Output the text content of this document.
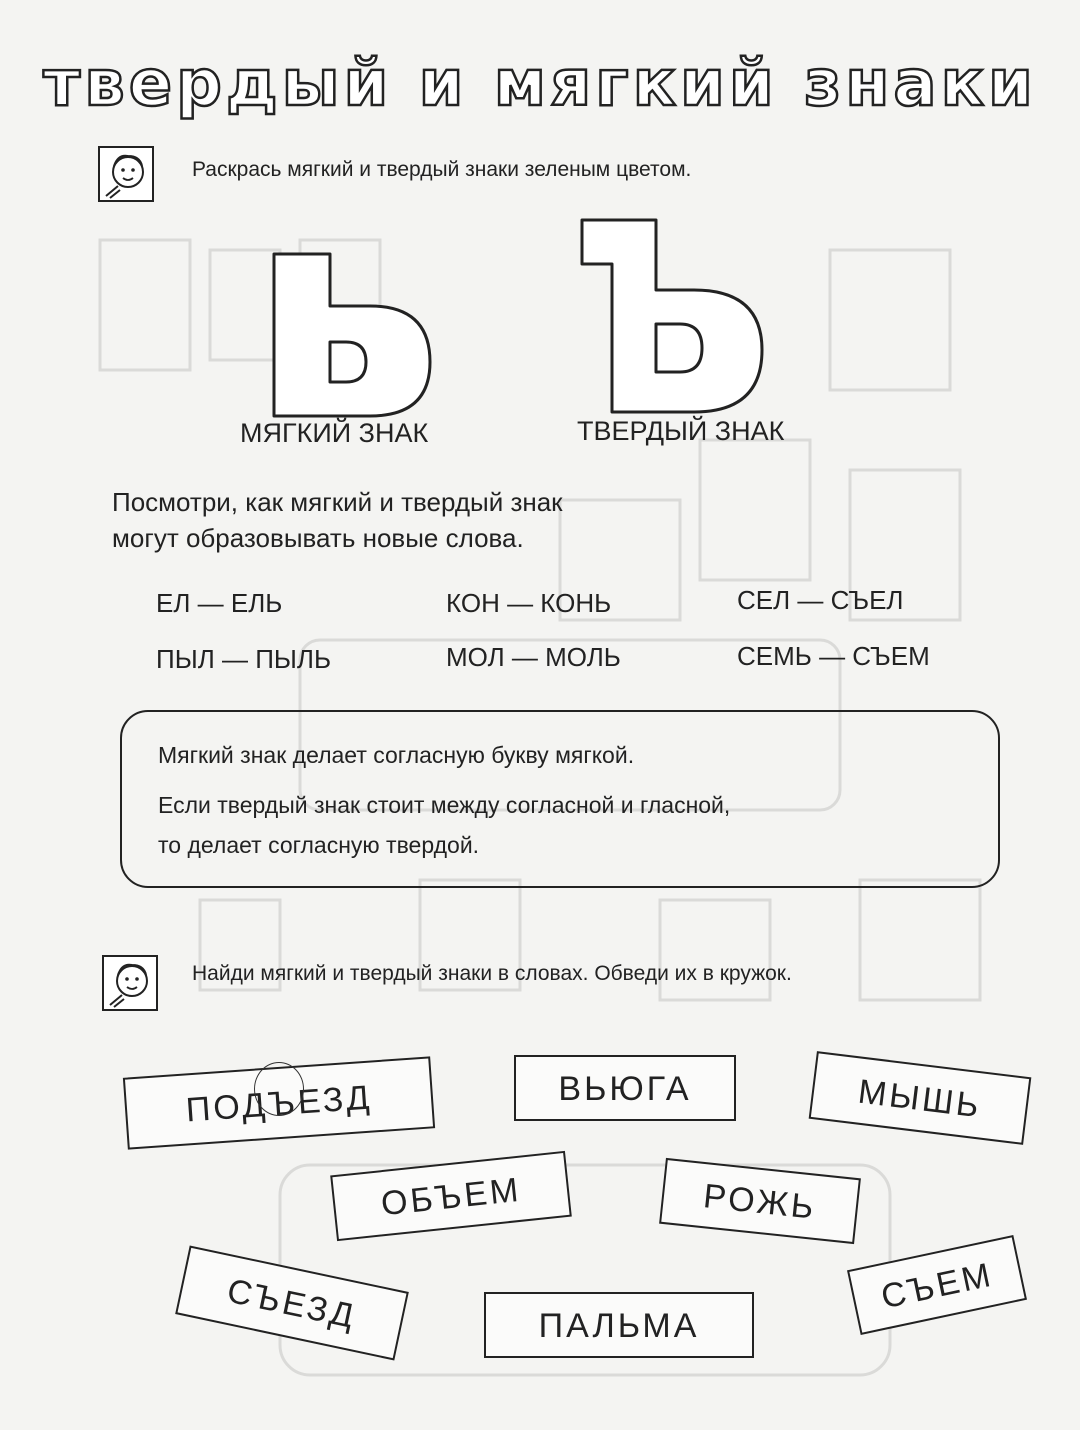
твердый и мягкий знаки
Раскрась мягкий и твердый знаки зеленым цветом.
МЯГКИЙ ЗНАК	ТВЕРДЫЙ ЗНАК
Посмотри, как мягкий и твердый знак
могут образовывать новые слова.
ЕЛ — ЕЛЬ	КОН — КОНЬ	СЕЛ — СЪЕЛ
ПЫЛ — ПЫЛЬ	МОЛ — МОЛЬ	СЕМЬ — СЪЕМ
Мягкий знак делает согласную букву мягкой.
Если твердый знак стоит между согласной и гласной,
то делает согласную твердой.
Найди мягкий и твердый знаки в словах. Обведи их в кружок.
ПОДЪЕЗД	ВЬЮГА	МЫШЬ
ОБЪЕМ	РОЖЬ
СЪЕЗД	ПАЛЬМА
СЪЕМ
